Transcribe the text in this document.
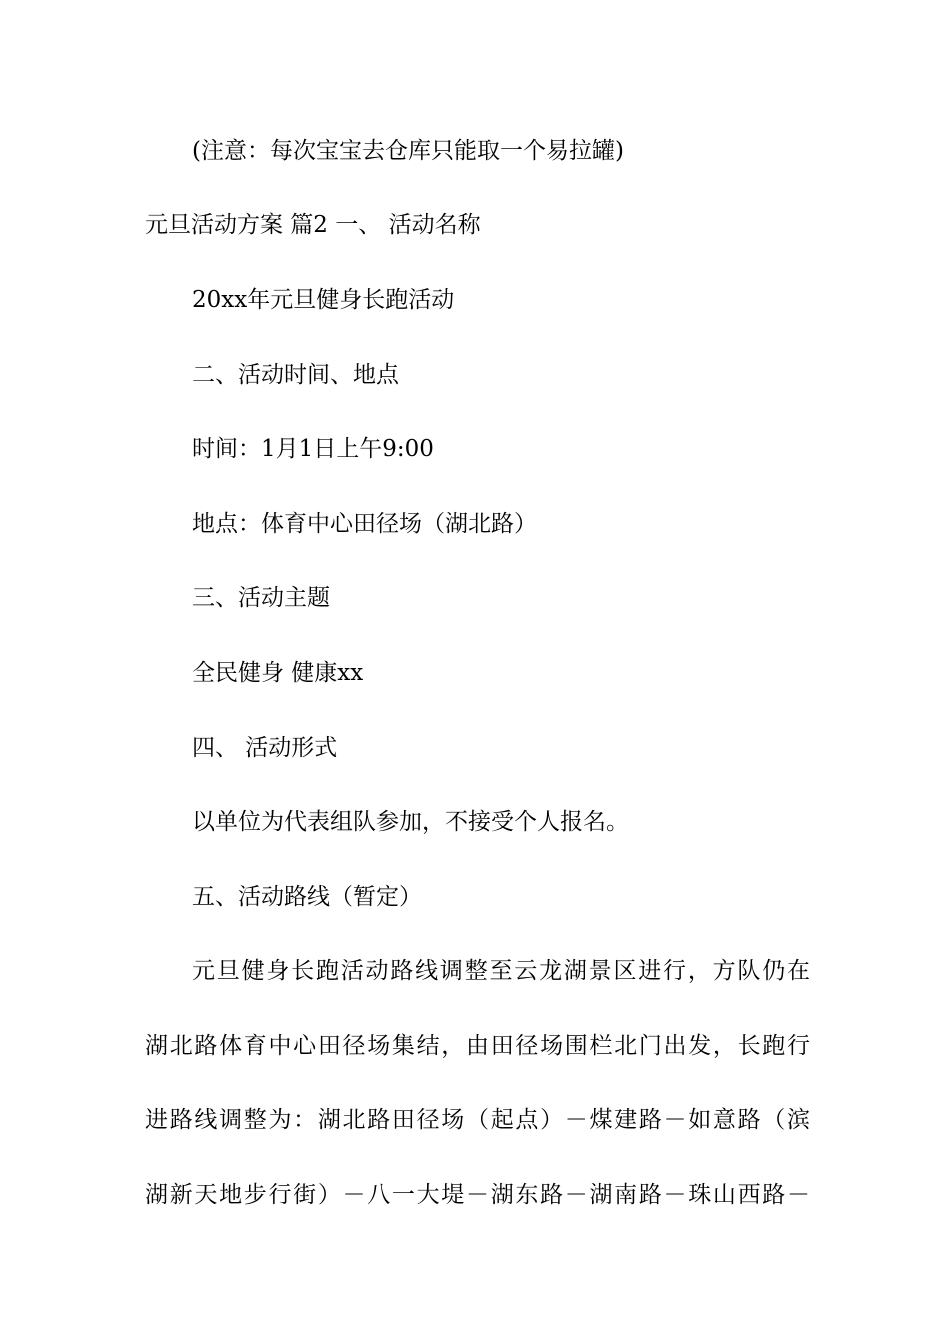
(注意：每次宝宝去仓库只能取一个易拉罐)
元旦活动方案 篇2 一、 活动名称
20xx年元旦健身长跑活动
二、活动时间、地点
时间：1月1日上午9:00
地点：体育中心田径场（湖北路）
三、活动主题
全民健身 健康xx
四、 活动形式
以单位为代表组队参加，不接受个人报名。
五、活动路线（暂定）
元旦健身长跑活动路线调整至云龙湖景区进行，方队仍在
湖北路体育中心田径场集结，由田径场围栏北门出发，长跑行
进路线调整为：湖北路田径场（起点）－煤建路－如意路（滨
湖新天地步行街）－八一大堤－湖东路－湖南路－珠山西路－
